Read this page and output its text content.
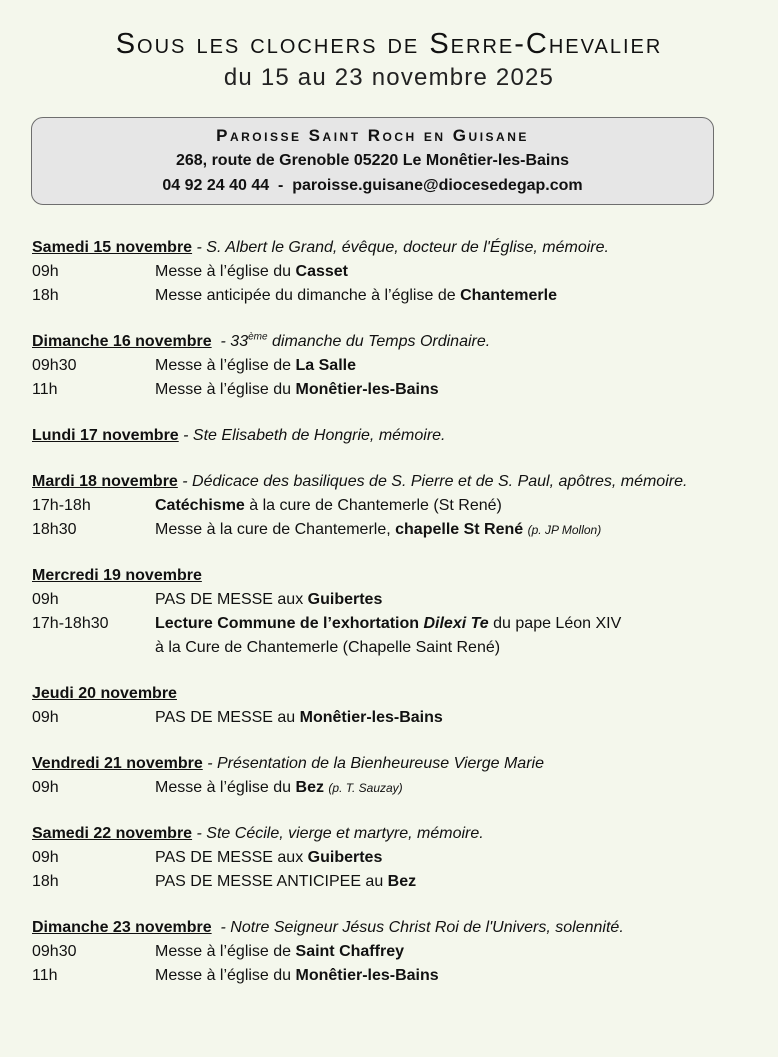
Sous les clochers de Serre-Chevalier
du 15 au 23 novembre 2025
Paroisse Saint Roch en Guisane
268, route de Grenoble 05220 Le Monêtier-les-Bains
04 92 24 40 44 - paroisse.guisane@diocesedegap.com
Samedi 15 novembre - S. Albert le Grand, évêque, docteur de l'Église, mémoire.
09h	Messe à l’église du Casset
18h	Messe anticipée du dimanche à l’église de Chantemerle
Dimanche 16 novembre - 33ème dimanche du Temps Ordinaire.
09h30	Messe à l’église de La Salle
11h	Messe à l’église du Monêtier-les-Bains
Lundi 17 novembre - Ste Elisabeth de Hongrie, mémoire.
Mardi 18 novembre - Dédicace des basiliques de S. Pierre et de S. Paul, apôtres, mémoire.
17h-18h	Catéchisme à la cure de Chantemerle (St René)
18h30	Messe à la cure de Chantemerle, chapelle St René (p. JP Mollon)
Mercredi 19 novembre
09h	PAS DE MESSE aux Guibertes
17h-18h30	Lecture Commune de l’exhortation Dilexi Te du pape Léon XIV
à la Cure de Chantemerle (Chapelle Saint René)
Jeudi 20 novembre
09h	PAS DE MESSE au Monêtier-les-Bains
Vendredi 21 novembre - Présentation de la Bienheureuse Vierge Marie
09h	Messe à l’église du Bez (p. T. Sauzay)
Samedi 22 novembre - Ste Cécile, vierge et martyre, mémoire.
09h	PAS DE MESSE aux Guibertes
18h	PAS DE MESSE ANTICIPEE au Bez
Dimanche 23 novembre - Notre Seigneur Jésus Christ Roi de l'Univers, solennité.
09h30	Messe à l’église de Saint Chaffrey
11h	Messe à l’église du Monêtier-les-Bains
